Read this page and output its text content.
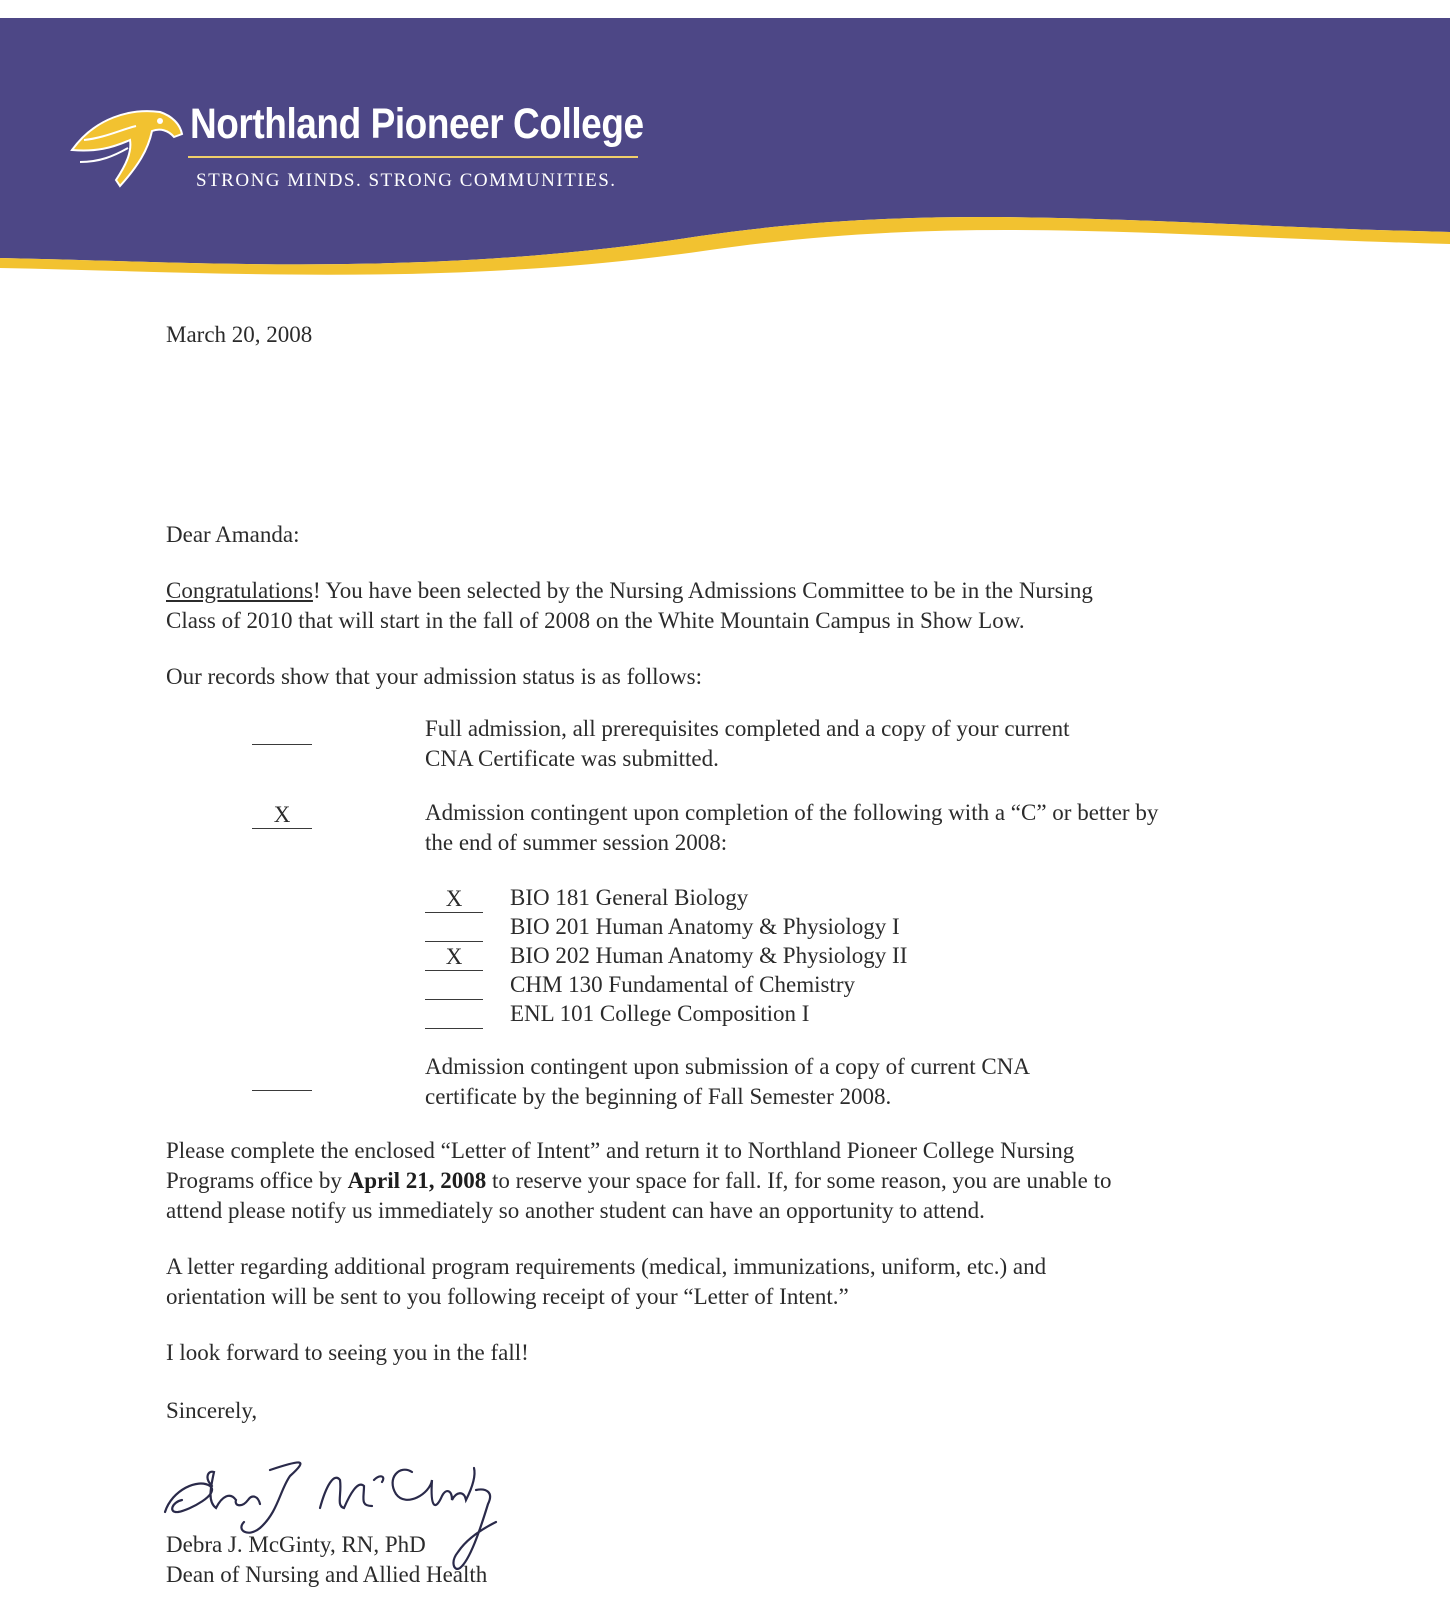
Northland Pioneer College
STRONG MINDS. STRONG COMMUNITIES.
March 20, 2008
Dear Amanda:
Congratulations! You have been selected by the Nursing Admissions Committee to be in the Nursing
Class of 2010 that will start in the fall of 2008 on the White Mountain Campus in Show Low.
Our records show that your admission status is as follows:
Full admission, all prerequisites completed and a copy of your current
CNA Certificate was submitted.
X	Admission contingent upon completion of the following with a “C” or better by
the end of summer session 2008:
X	BIO 181 General Biology
BIO 201 Human Anatomy & Physiology I
X	BIO 202 Human Anatomy & Physiology II
CHM 130 Fundamental of Chemistry
ENL 101 College Composition I
Admission contingent upon submission of a copy of current CNA
certificate by the beginning of Fall Semester 2008.
Please complete the enclosed “Letter of Intent” and return it to Northland Pioneer College Nursing
Programs office by April 21, 2008 to reserve your space for fall. If, for some reason, you are unable to
attend please notify us immediately so another student can have an opportunity to attend.
A letter regarding additional program requirements (medical, immunizations, uniform, etc.) and
orientation will be sent to you following receipt of your “Letter of Intent.”
I look forward to seeing you in the fall!
Sincerely,
Debra J. McGinty, RN, PhD
Dean of Nursing and Allied Health
